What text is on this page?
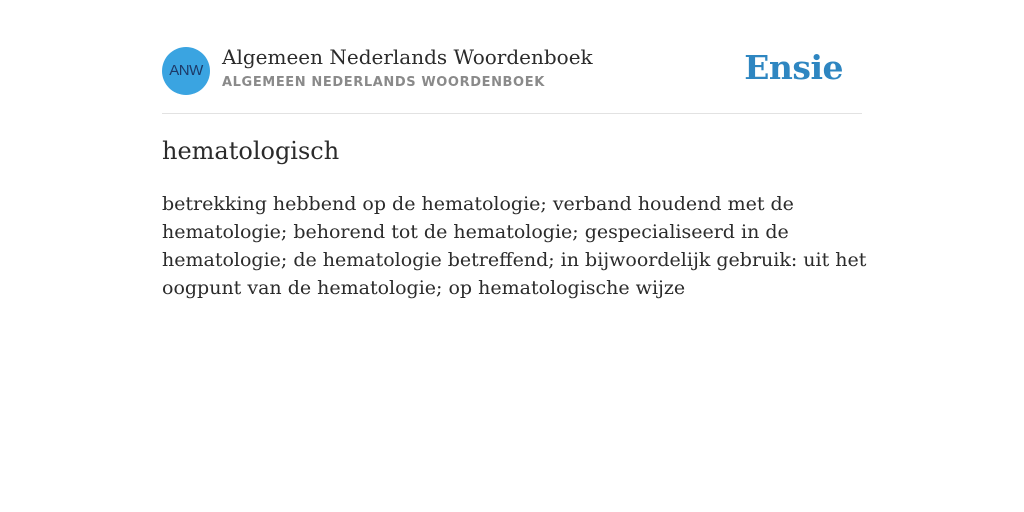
ANW
Algemeen Nederlands Woordenboek
ALGEMEEN NEDERLANDS WOORDENBOEK	Ensie
hematologisch

betrekking hebbend op de hematologie; verband houdend met de hematologie; behorend tot de hematologie; gespecialiseerd in de hematologie; de hematologie betreffend; in bijwoordelijk gebruik: uit het oogpunt van de hematologie; op hematologische wijze
